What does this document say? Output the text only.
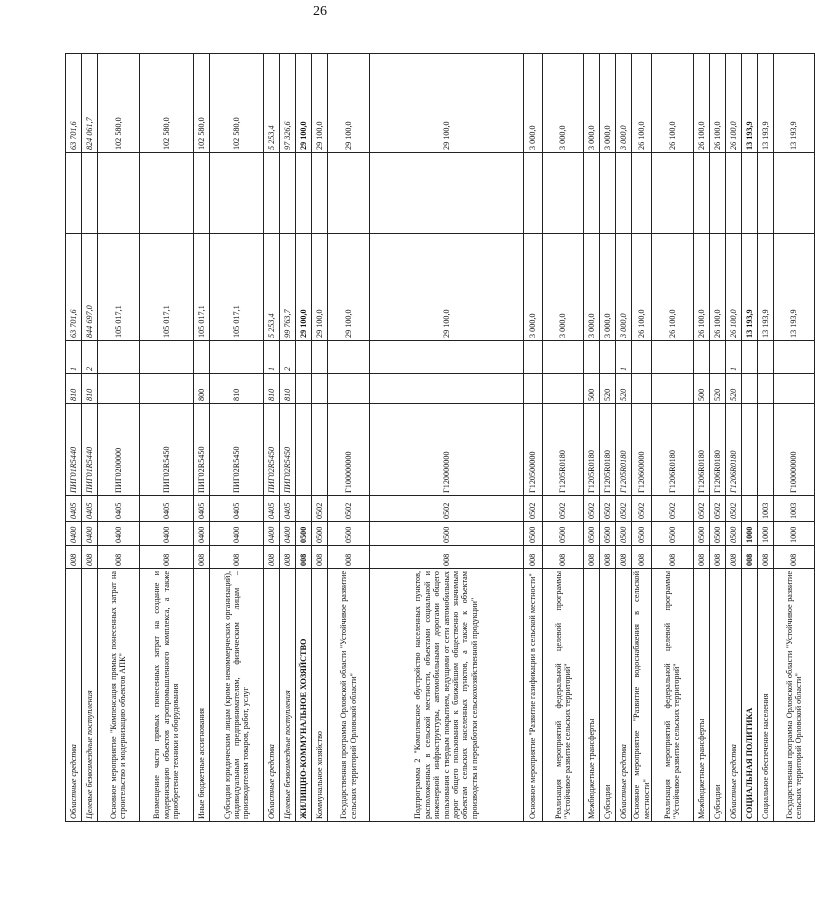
26
Областные средства	008	0400	0405	ПИГ01R5440	810	1	63 701,6		63 701,6
Целевые безвозмездные поступления	008	0400	0405	ПИГ01R5440	810	2	844 697,0		824 061,7
Основное мероприятие "Компенсация прямых понесенных затрат на строительство и модернизацию объектов АПК"	008	0400	0405	ПИГ0200000			105 017,1		102 580,0
Возмещение части прямых понесенных затрат на создание и модернизацию объектов агропромышленного комплекса, а также приобретение техники и оборудования	008	0400	0405	ПИГ02R5450			105 017,1		102 580,0
Иные бюджетные ассигнования	008	0400	0405	ПИГ02R5450	800		105 017,1		102 580,0
Субсидии юридическим лицам (кроме некоммерческих организаций), индивидуальным предпринимателям, физическим лицам – производителям товаров, работ, услуг	008	0400	0405	ПИГ02R5450	810		105 017,1		102 580,0
Областные средства	008	0400	0405	ПИГ02R5450	810	1	5 253,4		5 253,4
Целевые безвозмездные поступления	008	0400	0405	ПИГ02R5450	810	2	99 763,7		97 326,6
ЖИЛИЩНО-КОММУНАЛЬНОЕ ХОЗЯЙСТВО	008	0500					29 100,0		29 100,0
Коммунальное хозяйство	008	0500	0502				29 100,0		29 100,0
Государственная программа Орловской области "Устойчивое развитие сельских территорий Орловской области"	008	0500	0502	Г100000000			29 100,0		29 100,0
Подпрограмма 2 "Комплексное обустройство населенных пунктов, расположенных в сельской местности, объектами социальной и инженерной инфраструктуры, автомобильными дорогами общего пользования с твердым покрытием, ведущими от сети автомобильных дорог общего пользования к ближайшим общественно значимым объектам сельских населенных пунктов, а также к объектам производства и переработки сельскохозяйственной продукции"	008	0500	0502	Г120000000			29 100,0		29 100,0
Основное мероприятие "Развитие газификации в сельской местности"	008	0500	0502	Г120500000			3 000,0		3 000,0
Реализация мероприятий федеральной целевой программы "Устойчивое развитие сельских территорий"	008	0500	0502	Г1205R0180			3 000,0		3 000,0
Межбюджетные трансферты	008	0500	0502	Г1205R0180	500		3 000,0		3 000,0
Субсидии	008	0500	0502	Г1205R0180	520		3 000,0		3 000,0
Областные средства	008	0500	0502	Г1205R0180	520	1	3 000,0		3 000,0
Основное мероприятие "Развитие водоснабжения в сельской местности"	008	0500	0502	Г120600000			26 100,0		26 100,0
Реализация мероприятий федеральной целевой программы "Устойчивое развитие сельских территорий"	008	0500	0502	Г1206R0180			26 100,0		26 100,0
Межбюджетные трансферты	008	0500	0502	Г1206R0180	500		26 100,0		26 100,0
Субсидии	008	0500	0502	Г1206R0180	520		26 100,0		26 100,0
Областные средства	008	0500	0502	Г1206R0180	520	1	26 100,0		26 100,0
СОЦИАЛЬНАЯ ПОЛИТИКА	008	1000					13 193,9		13 193,9
Социальное обеспечение населения	008	1000	1003				13 193,9		13 193,9
Государственная программа Орловской области "Устойчивое развитие сельских территорий Орловской области"	008	1000	1003	Г100000000			13 193,9		13 193,9
